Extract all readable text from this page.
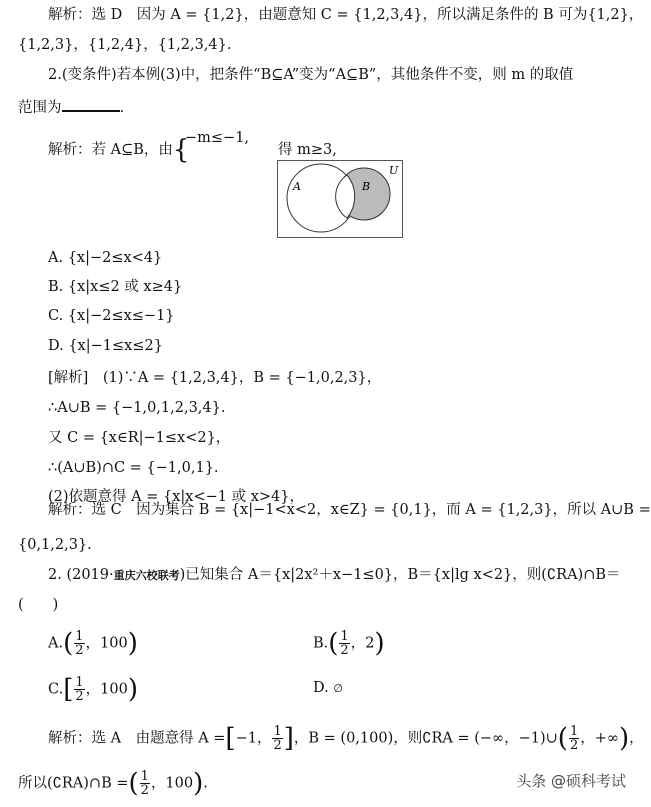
解析：选 D　因为 A = {1,2}，由题意知 C = {1,2,3,4}，所以满足条件的 B 可为{1,2}，
{1,2,3}，{1,2,4}，{1,2,3,4}.
2.(变条件)若本例(3)中，把条件“B⊆A”变为“A⊆B”，其他条件不变，则 m 的取值
范围为	.
解析：若 A⊆B，由{
−m≤−1,
得 m≥3,
A	B
U
A. {x|−2≤x<4}
B. {x|x≤2 或 x≥4}
C. {x|−2≤x≤−1}
D. {x|−1≤x≤2}
[解析]　(1)∵A = {1,2,3,4}，B = {−1,0,2,3}，
∴A∪B = {−1,0,1,2,3,4}.
又 C = {x∈R|−1≤x<2}，
∴(A∪B)∩C = {−1,0,1}.
(2)依题意得 A = {x|x<−1 或 x>4}，
解析：选 C　因为集合 B = {x|−1<x<2，x∈Z} = {0,1}，而 A = {1,2,3}，所以 A∪B =
{0,1,2,3}.
2. (2019·重庆六校联考)已知集合 A＝{x|2x²＋x−1≤0}，B＝{x|lg x<2}，则(∁RA)∩B＝
(　　)
$A.( \frac{1}{2}$ ，100)	$B.( \frac{1}{2}$ ，2)
$C.[ \frac{1}{2}$ ，100)	D. ∅
解析：选 A　由题意得 A =[−1， $\frac{1}{2}$ ]，B = (0,100)，则∁RA = (−∞，−1)∪( $\frac{1}{2}$ ，+∞)，
所以(∁RA)∩B =( $\frac{1}{2}$ ，100).	头条 @硕科考试
